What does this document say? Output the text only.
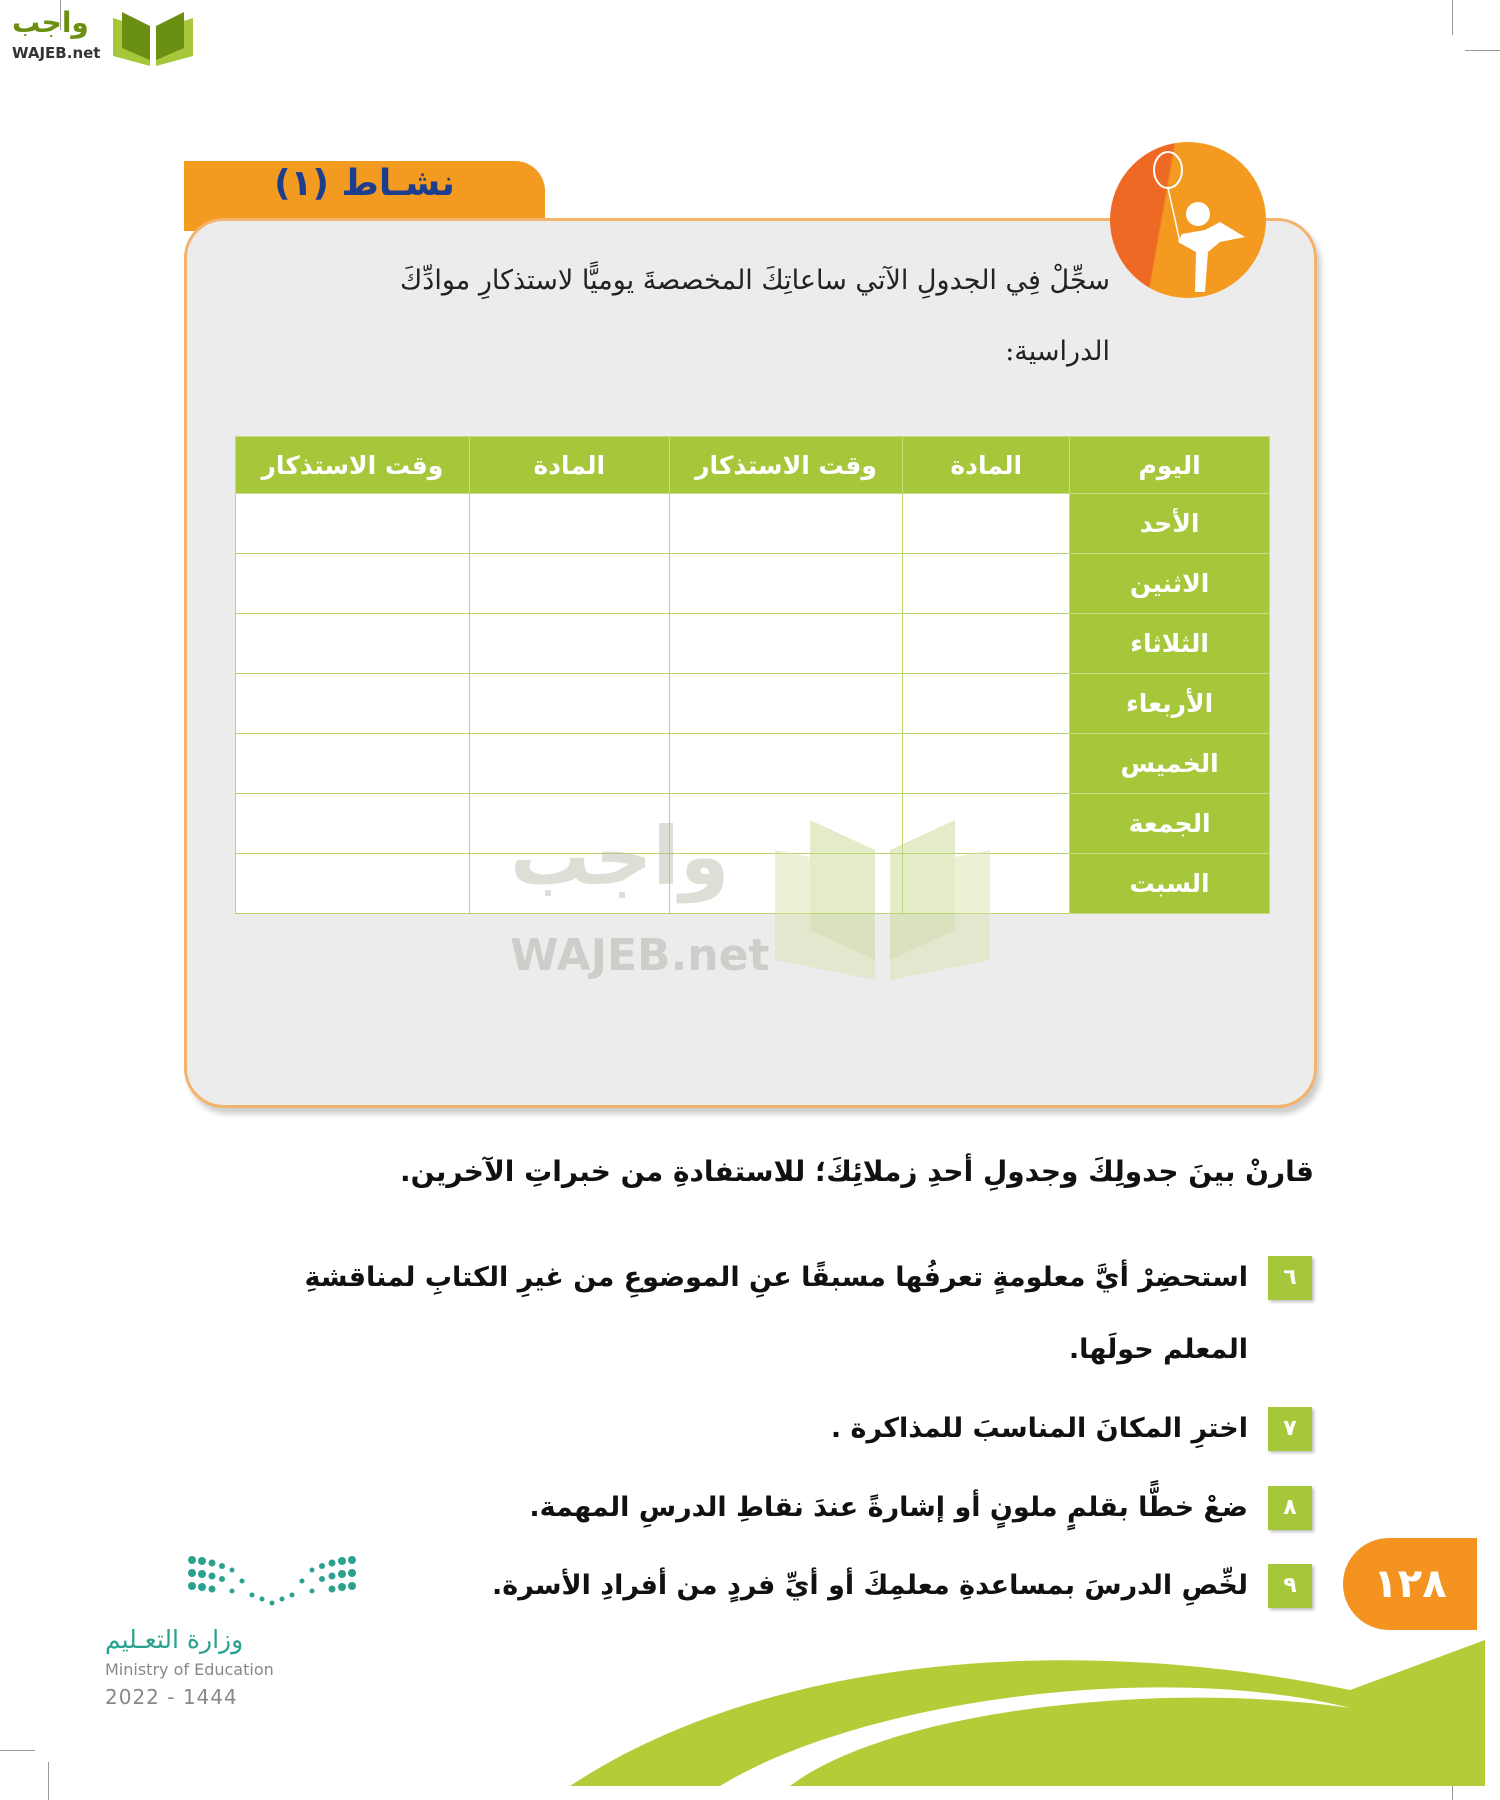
واجب
WAJEB.net
نشـاط (١)
سجِّلْ فِي الجدولِ الآتي ساعاتِكَ المخصصةَ يوميًّا لاستذكارِ موادِّكَ
الدراسية:
اليوم	المادة	وقت الاستذكار	المادة	وقت الاستذكار
الأحد				
الاثنين				
الثلاثاء				
الأربعاء				
الخميس				
الجمعة				
السبت				
واجب
WAJEB.net
قارنْ بينَ جدولِكَ وجدولِ أحدِ زملائِكَ؛ للاستفادةِ من خبراتِ الآخرين.
٦
استحضِرْ أيَّ معلومةٍ تعرفُها مسبقًا عنِ الموضوعِ من غيرِ الكتابِ لمناقشةِ
المعلم حولَها.
٧
اخترِ المكانَ المناسبَ للمذاكرة .
٨
ضعْ خطًّا بقلمٍ ملونٍ أو إشارةً عندَ نقاطِ الدرسِ المهمة.
٩
لخِّصِ الدرسَ بمساعدةِ معلمِكَ أو أيِّ فردٍ من أفرادِ الأسرة.	١٢٨
وزارة التعـليم
Ministry of Education
2022 - 1444
